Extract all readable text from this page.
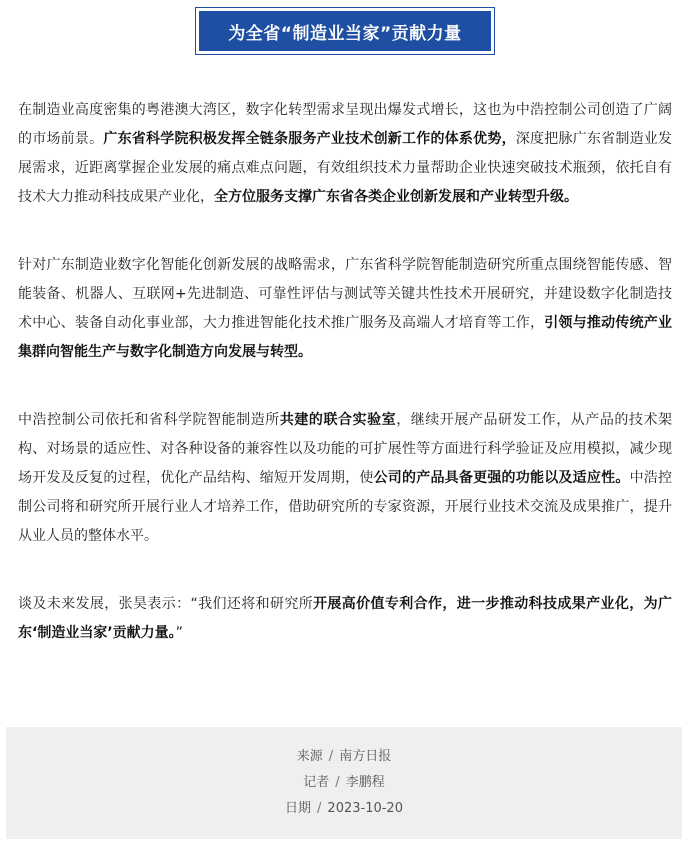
为全省“制造业当家”贡献力量

在制造业高度密集的粤港澳大湾区，数字化转型需求呈现出爆发式增长，这也为中浩控制公司创造了广阔的市场前景。广东省科学院积极发挥全链条服务产业技术创新工作的体系优势，深度把脉广东省制造业发展需求，近距离掌握企业发展的痛点难点问题，有效组织技术力量帮助企业快速突破技术瓶颈，依托自有技术大力推动科技成果产业化，全方位服务支撑广东省各类企业创新发展和产业转型升级。

针对广东制造业数字化智能化创新发展的战略需求，广东省科学院智能制造研究所重点围绕智能传感、智能装备、机器人、互联网+先进制造、可靠性评估与测试等关键共性技术开展研究，并建设数字化制造技术中心、装备自动化事业部，大力推进智能化技术推广服务及高端人才培育等工作，引领与推动传统产业集群向智能生产与数字化制造方向发展与转型。

中浩控制公司依托和省科学院智能制造所共建的联合实验室，继续开展产品研发工作，从产品的技术架构、对场景的适应性、对各种设备的兼容性以及功能的可扩展性等方面进行科学验证及应用模拟，减少现场开发及反复的过程，优化产品结构、缩短开发周期，使公司的产品具备更强的功能以及适应性。中浩控制公司将和研究所开展行业人才培养工作，借助研究所的专家资源，开展行业技术交流及成果推广，提升从业人员的整体水平。

谈及未来发展，张昊表示：“我们还将和研究所开展高价值专利合作，进一步推动科技成果产业化，为广东‘制造业当家’贡献力量。”

来源 / 南方日报
记者 / 李鹏程
日期 / 2023-10-20
